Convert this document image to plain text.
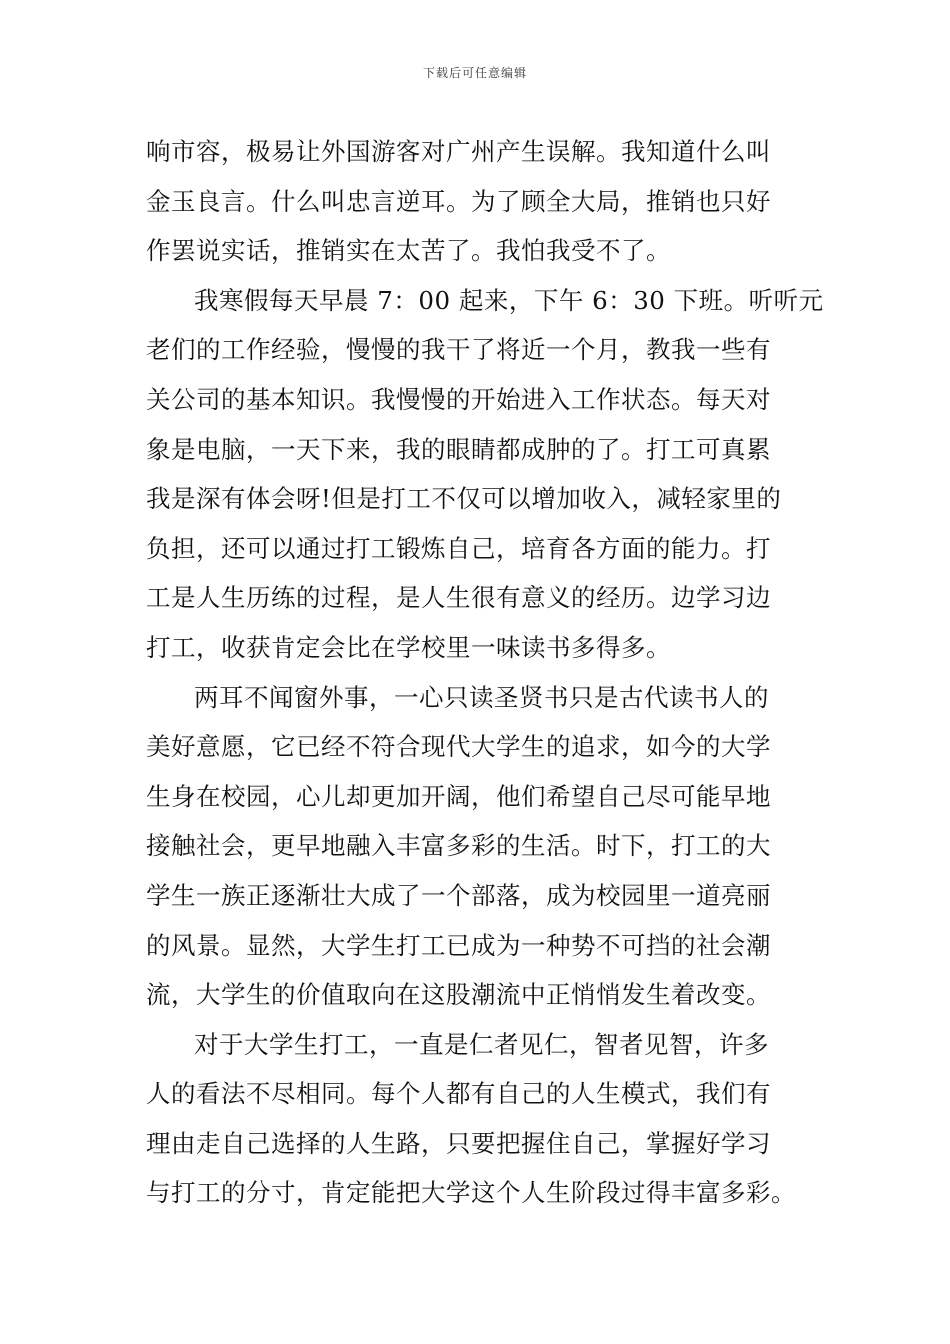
下载后可任意编辑
响市容，极易让外国游客对广州产生误解。我知道什么叫
金玉良言。什么叫忠言逆耳。为了顾全大局，推销也只好
作罢说实话，推销实在太苦了。我怕我受不了。
我寒假每天早晨 7：00 起来，下午 6：30 下班。听听元
老们的工作经验，慢慢的我干了将近一个月，教我一些有
关公司的基本知识。我慢慢的开始进入工作状态。每天对
象是电脑，一天下来，我的眼睛都成肿的了。打工可真累
我是深有体会呀!但是打工不仅可以增加收入，减轻家里的
负担，还可以通过打工锻炼自己，培育各方面的能力。打
工是人生历练的过程，是人生很有意义的经历。边学习边
打工，收获肯定会比在学校里一味读书多得多。
两耳不闻窗外事，一心只读圣贤书只是古代读书人的
美好意愿，它已经不符合现代大学生的追求，如今的大学
生身在校园，心儿却更加开阔，他们希望自己尽可能早地
接触社会，更早地融入丰富多彩的生活。时下，打工的大
学生一族正逐渐壮大成了一个部落，成为校园里一道亮丽
的风景。显然，大学生打工已成为一种势不可挡的社会潮
流，大学生的价值取向在这股潮流中正悄悄发生着改变。
对于大学生打工，一直是仁者见仁，智者见智，许多
人的看法不尽相同。每个人都有自己的人生模式，我们有
理由走自己选择的人生路，只要把握住自己，掌握好学习
与打工的分寸，肯定能把大学这个人生阶段过得丰富多彩。
